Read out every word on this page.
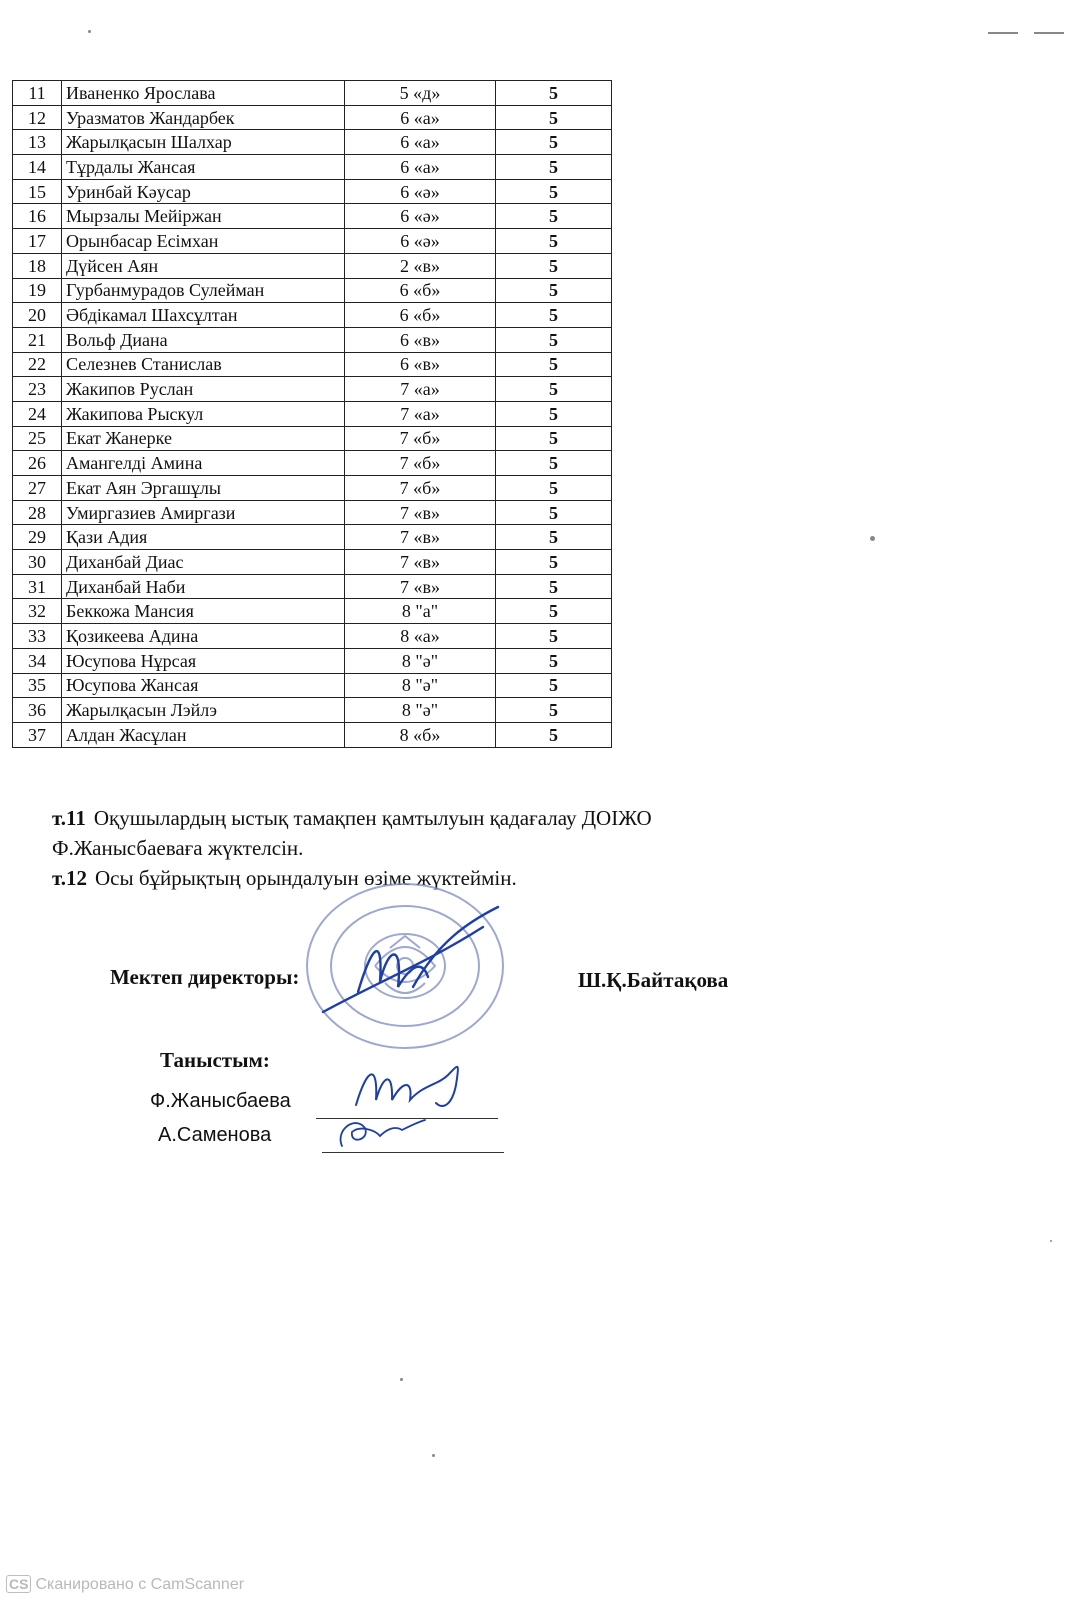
11	Иваненко Ярослава	5 «д»	5
12	Уразматов Жандарбек	6 «а»	5
13	Жарылқасын Шалхар	6 «а»	5
14	Тұрдалы Жансая	6 «а»	5
15	Уринбай Кәусар	6 «ә»	5
16	Мырзалы Мейіржан	6 «ә»	5
17	Орынбасар Есімхан	6 «ә»	5
18	Дүйсен Аян	2 «в»	5
19	Гурбанмурадов Сулейман	6 «б»	5
20	Әбдікамал Шахсұлтан	6 «б»	5
21	Вольф Диана	6 «в»	5
22	Селезнев Станислав	6 «в»	5
23	Жакипов Руслан	7 «а»	5
24	Жакипова Рыскул	7 «а»	5
25	Екат Жанерке	7 «б»	5
26	Амангелді Амина	7 «б»	5
27	Екат Аян Эргашұлы	7 «б»	5
28	Умиргазиев Амиргази	7 «в»	5
29	Қази Адия	7 «в»	5
30	Диханбай Диас	7 «в»	5
31	Диханбай Наби	7 «в»	5
32	Беккожа Мансия	8 "а"	5
33	Қозикеева Адина	8 «а»	5
34	Юсупова Нұрсая	8 "ә"	5
35	Юсупова Жансая	8 "ә"	5
36	Жарылқасын Лэйлэ	8 "ә"	5
37	Алдан Жасұлан	8 «б»	5
т.11 Оқушылардың ыстық тамақпен қамтылуын қадағалау ДОІЖО
Ф.Жанысбаеваға жүктелсін.
т.12 Осы бұйрықтың орындалуын өзіме жүктеймін.
Мектеп директоры:	Ш.Қ.Байтақова
Таныстым:
Ф.Жанысбаева
А.Саменова
CS Сканировано с CamScanner
